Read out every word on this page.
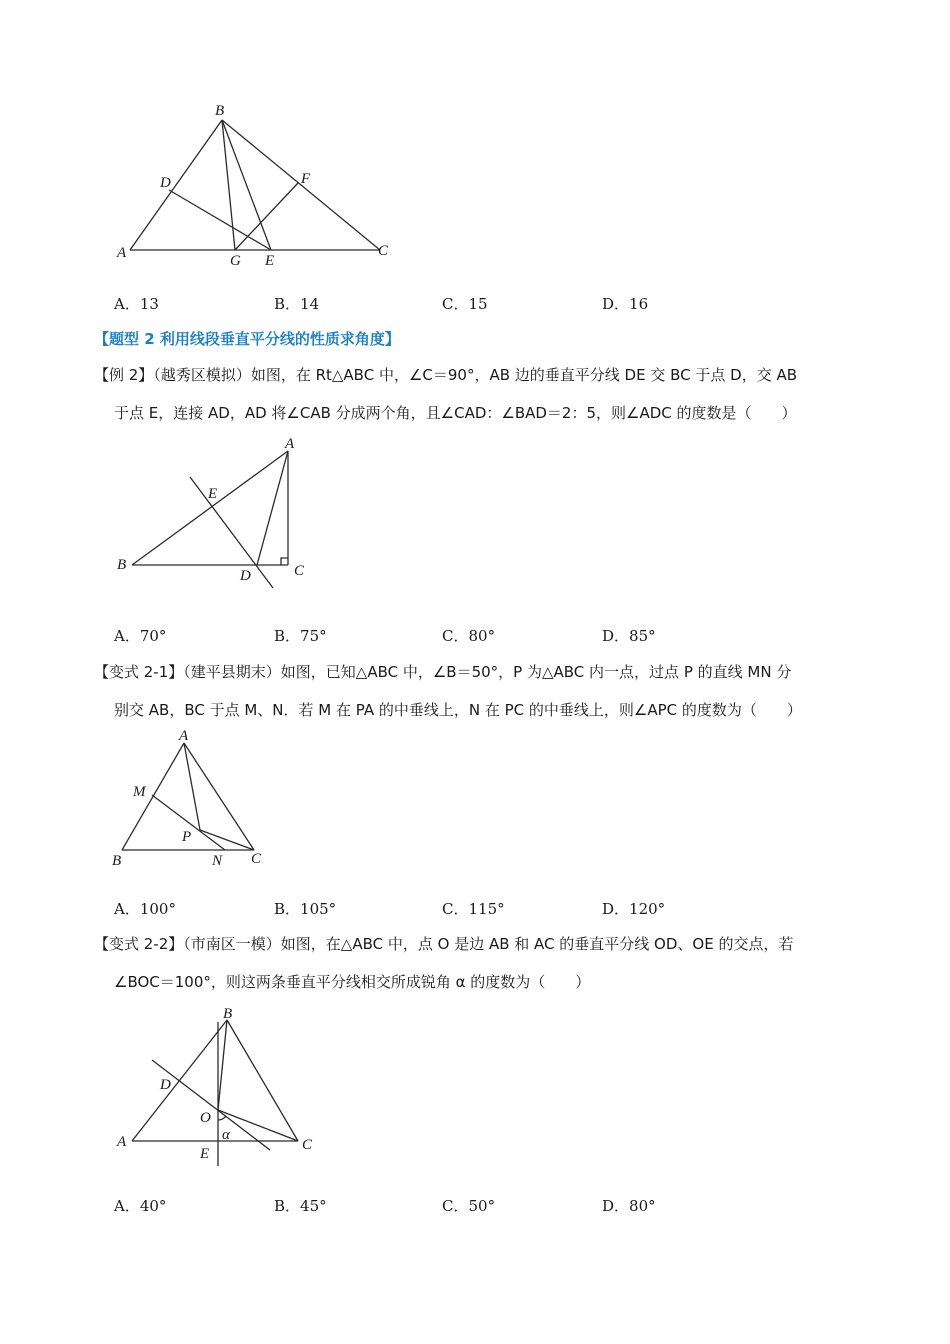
B
D	F
A	G E
C
A．13	B．14	C．15	D．16
【题型 2 利用线段垂直平分线的性质求角度】
【例 2】（越秀区模拟）如图，在 Rt△ABC 中，∠C＝90°，AB 边的垂直平分线 DE 交 BC 于点 D，交 AB
于点 E，连接 AD，AD 将∠CAB 分成两个角，且∠CAD：∠BAD＝2：5，则∠ADC 的度数是（　　）
A
E
B
D	C
A．70°	B．75°	C．80°	D．85°
【变式 2-1】（建平县期末）如图，已知△ABC 中，∠B＝50°，P 为△ABC 内一点，过点 P 的直线 MN 分
别交 AB，BC 于点 M、N．若 M 在 PA 的中垂线上，N 在 PC 的中垂线上，则∠APC 的度数为（　　）
A
M
P
B	N C
A．100°	B．105°	C．115°	D．120°
【变式 2-2】（市南区一模）如图，在△ABC 中，点 O 是边 AB 和 AC 的垂直平分线 OD、OE 的交点，若
∠BOC＝100°，则这两条垂直平分线相交所成锐角 α 的度数为（　　）
B
D
O
α
A
E
C
A．40°	B．45°	C．50°	D．80°
